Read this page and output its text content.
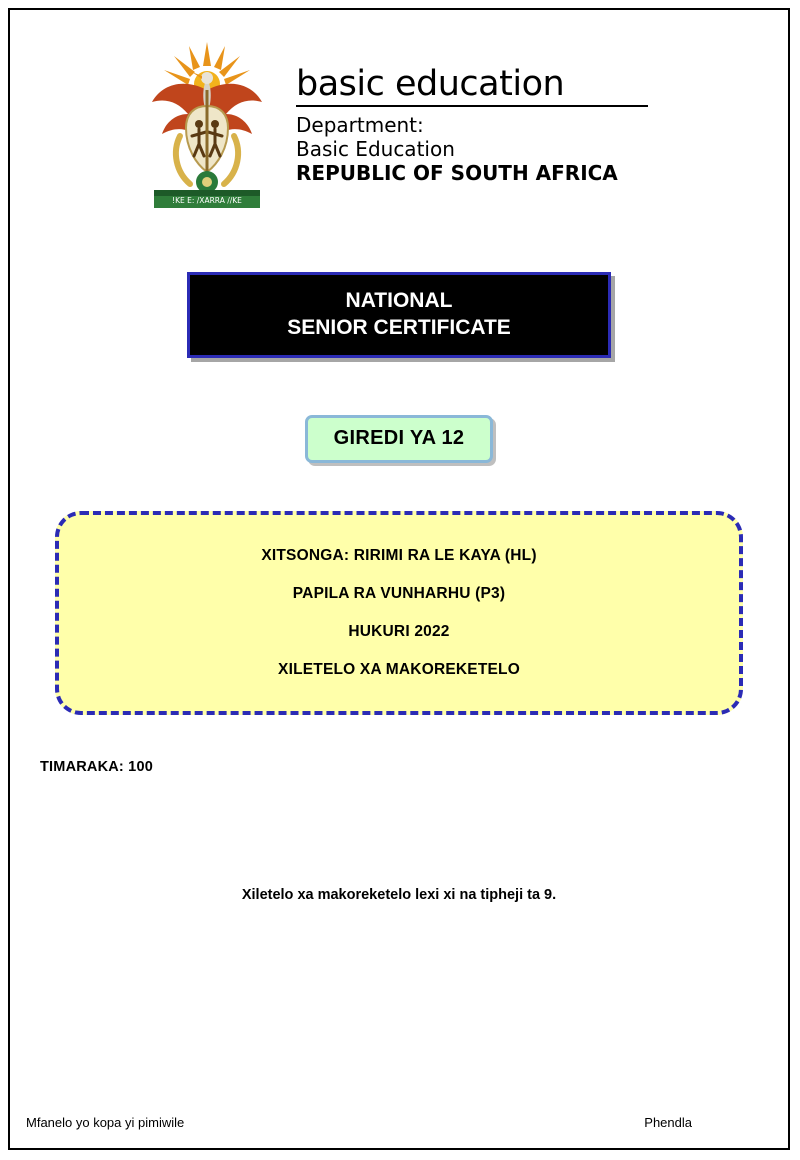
!KE E: /XARRA //KE
basic education
Department:
Basic Education
REPUBLIC OF SOUTH AFRICA
NATIONAL
SENIOR CERTIFICATE
GIREDI YA 12
XITSONGA: RIRIMI RA LE KAYA (HL)
PAPILA RA VUNHARHU (P3)
HUKURI 2022
XILETELO XA MAKOREKETELO
TIMARAKA: 100
Xiletelo xa makoreketelo lexi xi na tipheji ta 9.
Mfanelo yo kopa yi pimiwile	Phendla
